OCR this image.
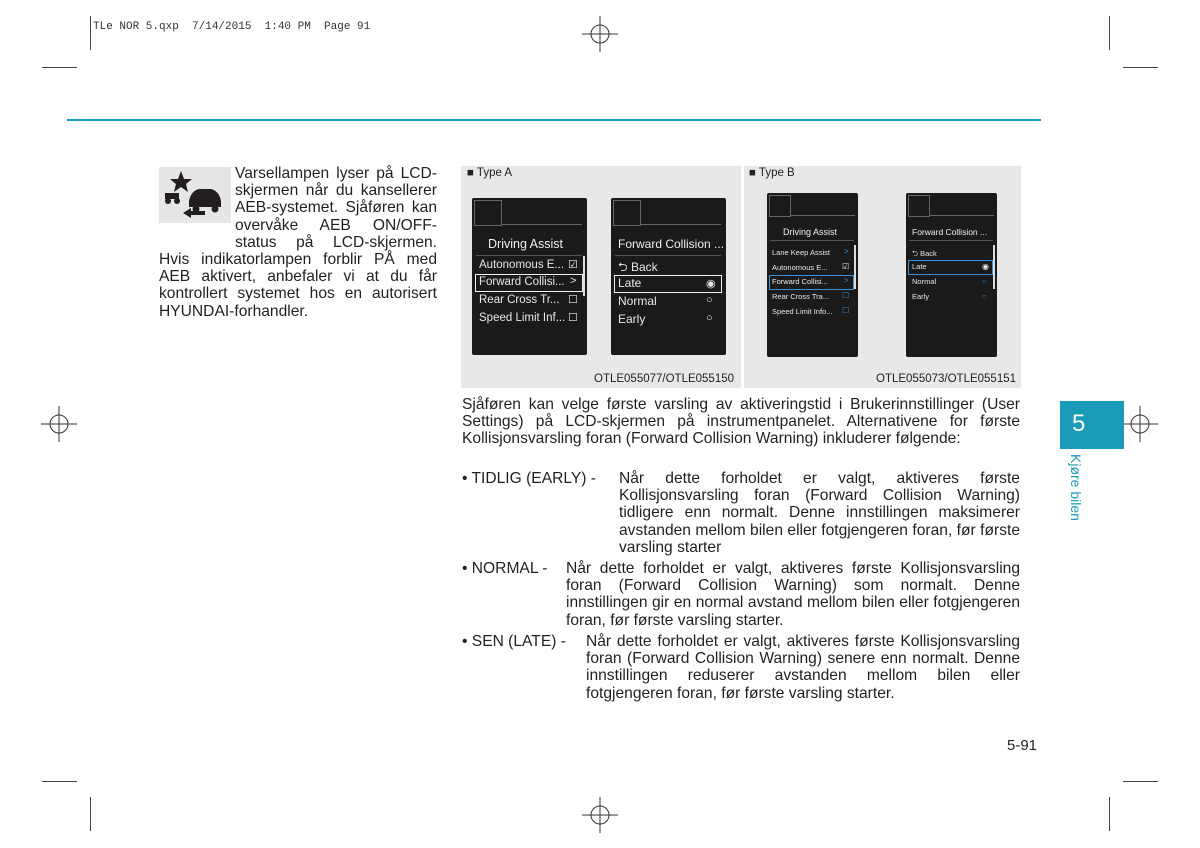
TLe NOR 5.qxp  7/14/2015  1:40 PM  Page 91

Varsellampen lyser på LCD-skjermen når du kansellerer AEB-systemet. Sjåføren kan overvåke AEB ON/OFF-status på LCD-skjermen. Hvis indikatorlampen forblir PÅ med AEB aktivert, anbefaler vi at du får kontrollert systemet hos en autorisert HYUNDAI-forhandler.

■ Type A	■ Type B
Driving Assist
Autonomous E... ☑
Forward Collisi... >
Rear Cross Tr... ☐
Speed Limit Inf... ☐
Forward Collision ...
⮌ Back
Late	◉
Normal	○
Early	○
OTLE055077/OTLE055150
Driving Assist
Lane Keep Assist >
Autonomous E... ☑
Forward Collisi... >
Rear Cross Tra... ☐
Speed Limit Info... ☐
Forward Collision ...
⮌ Back
Late	◉
Normal	○
Early	○
OTLE055073/OTLE055151

Sjåføren kan velge første varsling av aktiveringstid i Brukerinnstillinger (User Settings) på LCD-skjermen på instrumentpanelet. Alternativene for første Kollisjonsvarsling foran (Forward Collision Warning) inkluderer følgende:

• TIDLIG (EARLY) - Når dette forholdet er valgt, aktiveres første Kollisjonsvarsling foran (Forward Collision Warning) tidligere enn normalt. Denne innstillingen maksimerer avstanden mellom bilen eller fotgjengeren foran, før første varsling starter
• NORMAL - Når dette forholdet er valgt, aktiveres første Kollisjonsvarsling foran (Forward Collision Warning) som normalt. Denne innstillingen gir en normal avstand mellom bilen eller fotgjengeren foran, før første varsling starter.
• SEN (LATE) - Når dette forholdet er valgt, aktiveres første Kollisjonsvarsling foran (Forward Collision Warning) senere enn normalt. Denne innstillingen reduserer avstanden mellom bilen eller fotgjengeren foran, før første varsling starter.
5
Kjøre bilen
5-91
